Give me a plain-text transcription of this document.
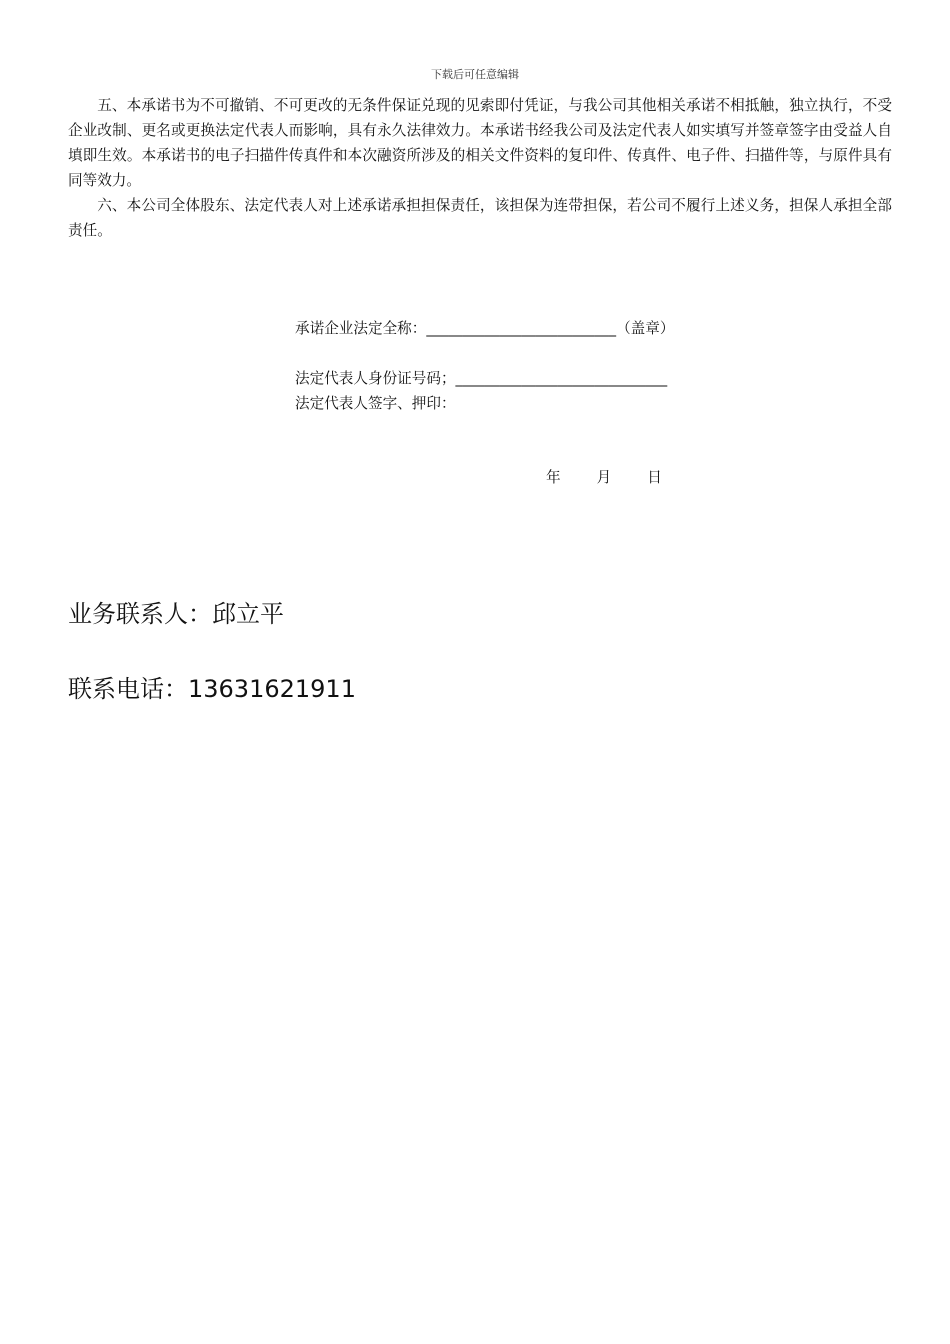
下载后可任意编辑

五、本承诺书为不可撤销、不可更改的无条件保证兑现的见索即付凭证，与我公司其他相关承诺不相抵触，独立执行，不受企业改制、更名或更换法定代表人而影响，具有永久法律效力。本承诺书经我公司及法定代表人如实填写并签章签字由受益人自填即生效。本承诺书的电子扫描件传真件和本次融资所涉及的相关文件资料的复印件、传真件、电子件、扫描件等，与原件具有同等效力。

六、本公司全体股东、法定代表人对上述承诺承担担保责任，该担保为连带担保，若公司不履行上述义务，担保人承担全部责任。

承诺企业法定全称：__________________________（盖章）
法定代表人身份证号码；_____________________________
法定代表人签字、押印：
年 月 日
业务联系人：邱立平
联系电话：13631621911
